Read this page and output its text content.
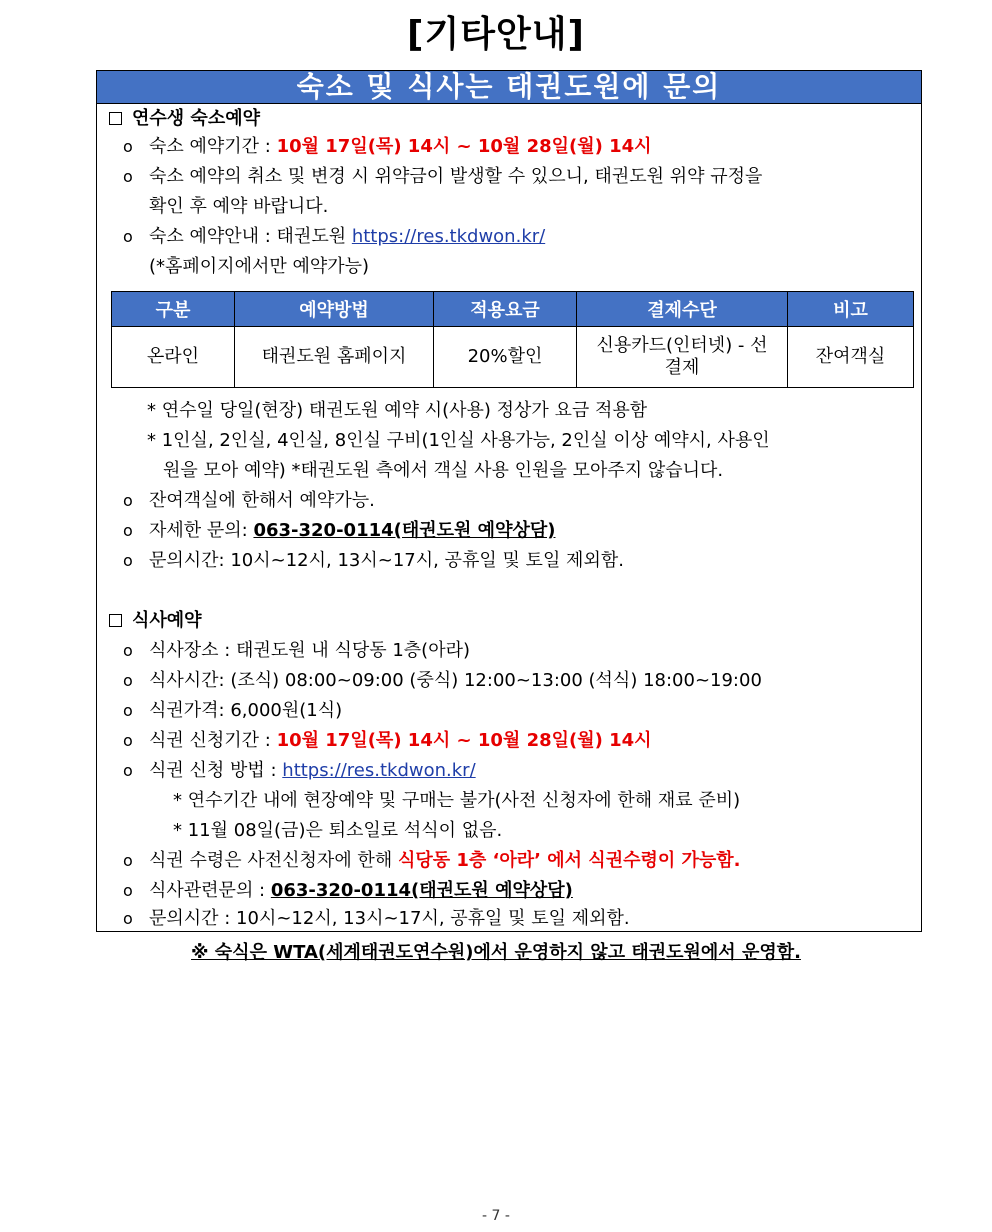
[기타안내]
숙소 및 식사는 태권도원에 문의
연수생 숙소예약
o 숙소 예약기간 : 10월 17일(목) 14시 ~ 10월 28일(월) 14시
o 숙소 예약의 취소 및 변경 시 위약금이 발생할 수 있으니, 태권도원 위약 규정을
확인 후 예약 바랍니다.
o 숙소 예약안내 : 태권도원 https://res.tkdwon.kr/
(*홈페이지에서만 예약가능)
구분	예약방법	적용요금	결제수단	비고
온라인	태권도원 홈페이지	20%할인	신용카드(인터넷) - 선결제	잔여객실
* 연수일 당일(현장) 태권도원 예약 시(사용) 정상가 요금 적용함
* 1인실, 2인실, 4인실, 8인실 구비(1인실 사용가능, 2인실 이상 예약시, 사용인
원을 모아 예약) *태권도원 측에서 객실 사용 인원을 모아주지 않습니다.
o 잔여객실에 한해서 예약가능.
o 자세한 문의: 063-320-0114(태권도원 예약상담)
o 문의시간: 10시~12시, 13시~17시, 공휴일 및 토일 제외함.
식사예약
o 식사장소 : 태권도원 내 식당동 1층(아라)
o 식사시간: (조식) 08:00~09:00 (중식) 12:00~13:00 (석식) 18:00~19:00
o 식권가격: 6,000원(1식)
o 식권 신청기간 : 10월 17일(목) 14시 ~ 10월 28일(월) 14시
o 식권 신청 방법 : https://res.tkdwon.kr/
* 연수기간 내에 현장예약 및 구매는 불가(사전 신청자에 한해 재료 준비)
* 11월 08일(금)은 퇴소일로 석식이 없음.
o 식권 수령은 사전신청자에 한해 식당동 1층 ‘아라’ 에서 식권수령이 가능함.
o 식사관련문의 : 063-320-0114(태권도원 예약상담)
o 문의시간 : 10시~12시, 13시~17시, 공휴일 및 토일 제외함.
※ 숙식은 WTA(세계태권도연수원)에서 운영하지 않고 태권도원에서 운영함.
- 7 -
